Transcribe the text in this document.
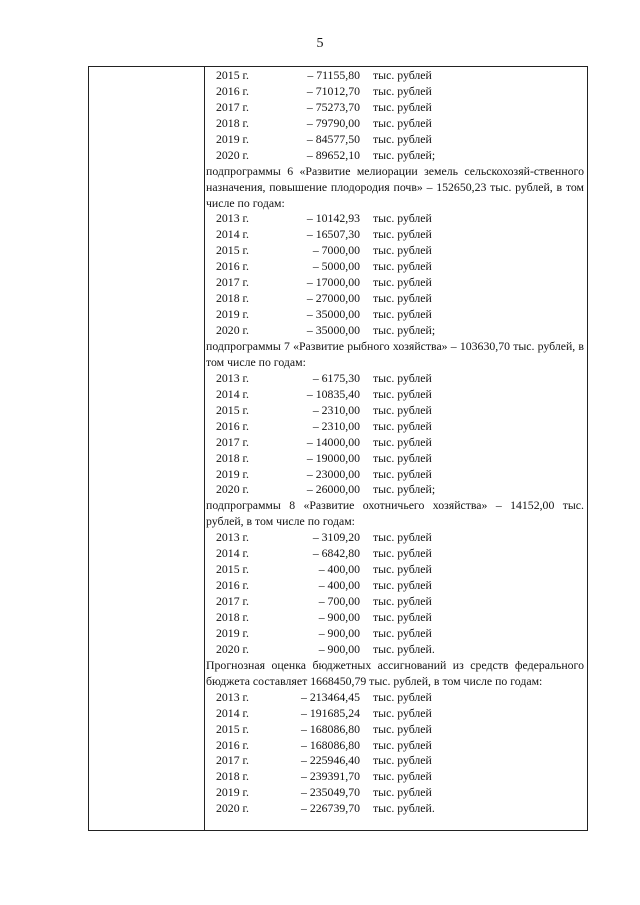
5
2015 г.	– 71155,80	тыс. рублей
2016 г.	– 71012,70	тыс. рублей
2017 г.	– 75273,70	тыс. рублей
2018 г.	– 79790,00	тыс. рублей
2019 г.	– 84577,50	тыс. рублей
2020 г.	– 89652,10	тыс. рублей;
подпрограммы 6 «Развитие мелиорации земель сельскохозяй-ственного назначения, повышение плодородия почв» – 152650,23 тыс. рублей, в том числе по годам:
2013 г.	– 10142,93	тыс. рублей
2014 г.	– 16507,30	тыс. рублей
2015 г.	– 7000,00	тыс. рублей
2016 г.	– 5000,00	тыс. рублей
2017 г.	– 17000,00	тыс. рублей
2018 г.	– 27000,00	тыс. рублей
2019 г.	– 35000,00	тыс. рублей
2020 г.	– 35000,00	тыс. рублей;
подпрограммы 7 «Развитие рыбного хозяйства» – 103630,70 тыс. рублей, в том числе по годам:
2013 г.	– 6175,30	тыс. рублей
2014 г.	– 10835,40	тыс. рублей
2015 г.	– 2310,00	тыс. рублей
2016 г.	– 2310,00	тыс. рублей
2017 г.	– 14000,00	тыс. рублей
2018 г.	– 19000,00	тыс. рублей
2019 г.	– 23000,00	тыс. рублей
2020 г.	– 26000,00	тыс. рублей;
подпрограммы 8 «Развитие охотничьего хозяйства» – 14152,00 тыс. рублей, в том числе по годам:
2013 г.	– 3109,20	тыс. рублей
2014 г.	– 6842,80	тыс. рублей
2015 г.	– 400,00	тыс. рублей
2016 г.	– 400,00	тыс. рублей
2017 г.	– 700,00	тыс. рублей
2018 г.	– 900,00	тыс. рублей
2019 г.	– 900,00	тыс. рублей
2020 г.	– 900,00	тыс. рублей.
Прогнозная оценка бюджетных ассигнований из средств федерального бюджета составляет 1668450,79 тыс. рублей, в том числе по годам:
2013 г.	– 213464,45	тыс. рублей
2014 г.	– 191685,24	тыс. рублей
2015 г.	– 168086,80	тыс. рублей
2016 г.	– 168086,80	тыс. рублей
2017 г.	– 225946,40	тыс. рублей
2018 г.	– 239391,70	тыс. рублей
2019 г.	– 235049,70	тыс. рублей
2020 г.	– 226739,70	тыс. рублей.
